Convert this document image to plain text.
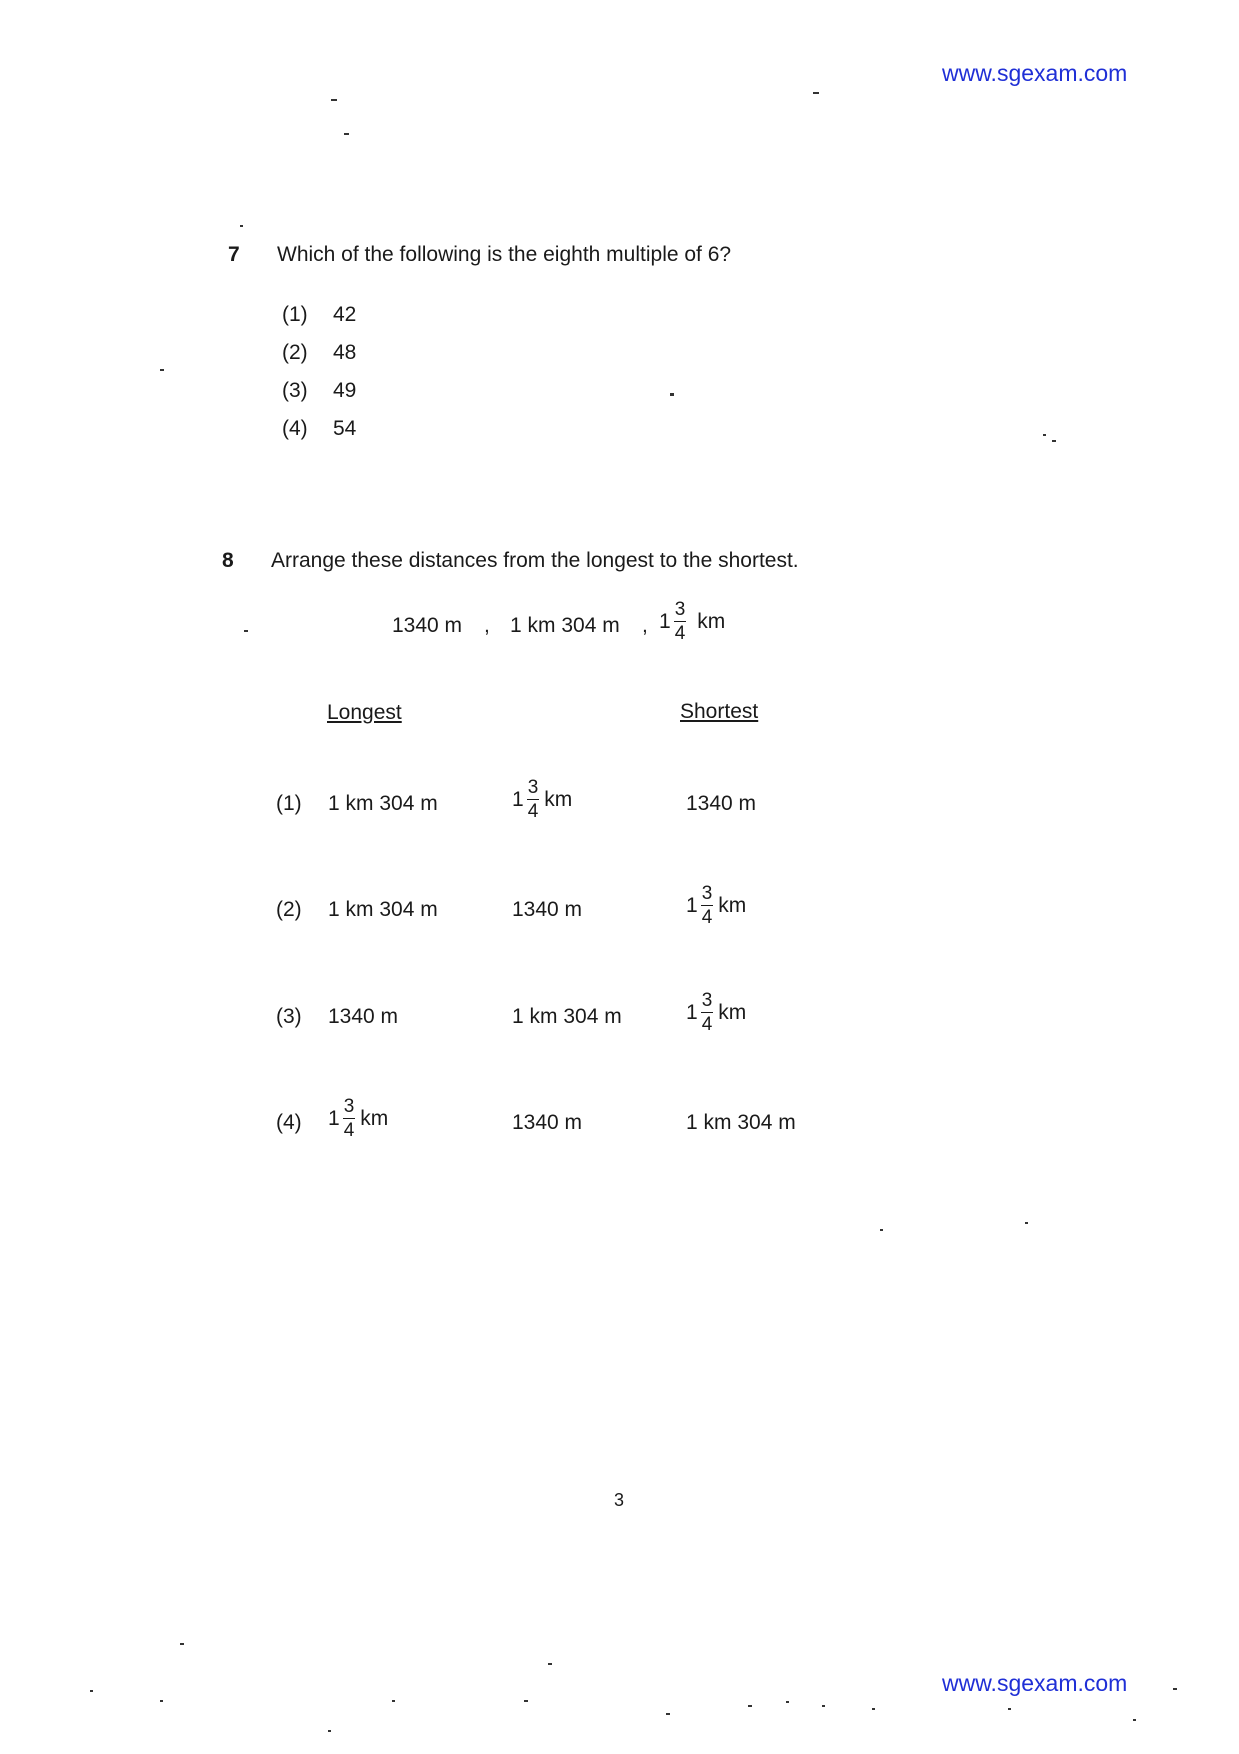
www.sgexam.com
7 Which of the following is the eighth multiple of 6?
(1) 42
(2) 48
(3) 49
(4) 54
8 Arrange these distances from the longest to the shortest.
1340 m , 1 km 304 m , $1 \frac{3}{4}$ km
Longest	Shortest
(1) 1 km 304 m	$1 \frac{3}{4}$ km	1340 m
(2) 1 km 304 m	1340 m	$1 \frac{3}{4}$ km
(3) 1340 m	1 km 304 m	$1 \frac{3}{4}$ km
(4) $1 \frac{3}{4}$ km	1340 m	1 km 304 m
3
www.sgexam.com
